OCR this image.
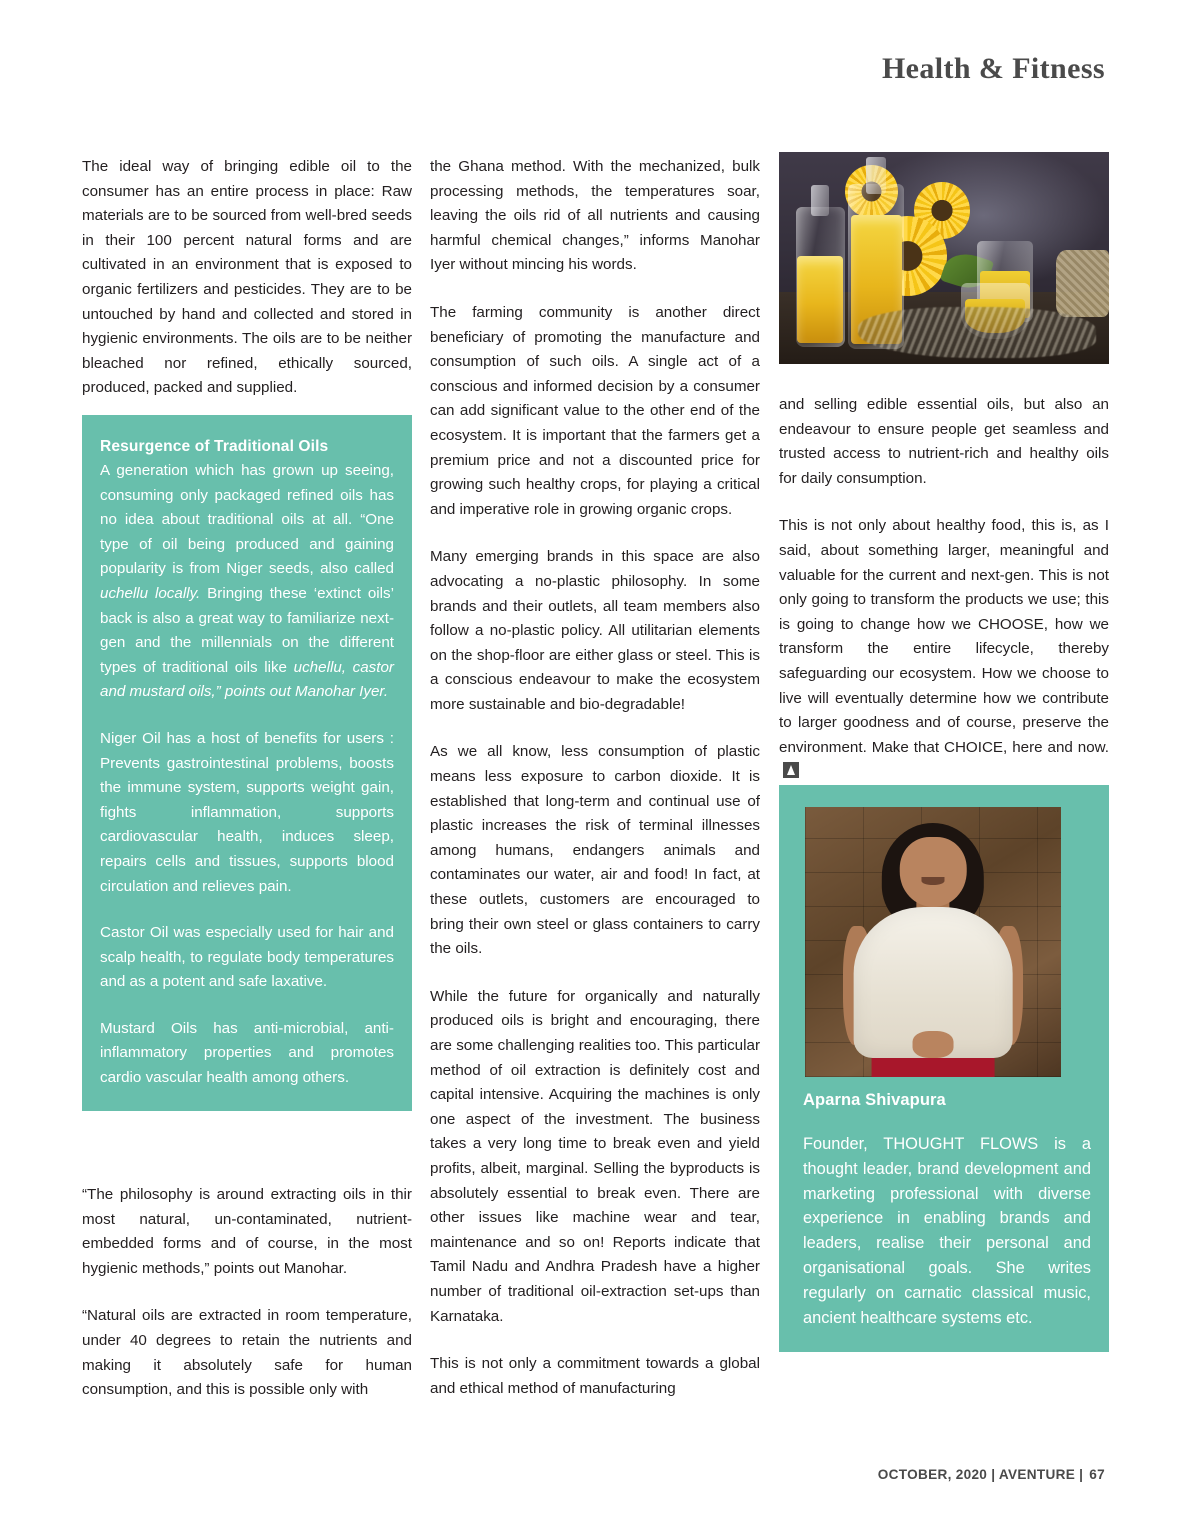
Health & Fitness

The ideal way of bringing edible oil to the consumer has an entire process in place: Raw materials are to be sourced from well-bred seeds in their 100 percent natural forms and are cultivated in an environment that is exposed to organic fertilizers and pesticides. They are to be untouched by hand and collected and stored in hygienic environments. The oils are to be neither bleached nor refined, ethically sourced, produced, packed and supplied.

Resurgence of Traditional Oils

A generation which has grown up seeing, consuming only packaged refined oils has no idea about traditional oils at all. “One type of oil being produced and gaining popularity is from Niger seeds, also called uchellu locally. Bringing these ‘extinct oils’ back is also a great way to familiarize next-gen and the millennials on the different types of traditional oils like uchellu, castor and mustard oils,” points out Manohar Iyer.

Niger Oil has a host of benefits for users : Prevents gastrointestinal problems, boosts the immune system, supports weight gain, fights inflammation, supports cardiovascular health, induces sleep, repairs cells and tissues, supports blood circulation and relieves pain.

Castor Oil was especially used for hair and scalp health, to regulate body temperatures and as a potent and safe laxative.

Mustard Oils has anti-microbial, anti-inflammatory properties and promotes cardio vascular health among others.

“The philosophy is around extracting oils in thir most natural, un-contaminated, nutrient-embedded forms and of course, in the most hygienic methods,” points out Manohar.

“Natural oils are extracted in room temperature, under 40 degrees to retain the nutrients and making it absolutely safe for human consumption, and this is possible only with

the Ghana method. With the mechanized, bulk processing methods, the temperatures soar, leaving the oils rid of all nutrients and causing harmful chemical changes,” informs Manohar Iyer without mincing his words.

The farming community is another direct beneficiary of promoting the manufacture and consumption of such oils. A single act of a conscious and informed decision by a consumer can add significant value to the other end of the ecosystem. It is important that the farmers get a premium price and not a discounted price for growing such healthy crops, for playing a critical and imperative role in growing organic crops.

Many emerging brands in this space are also advocating a no-plastic philosophy. In some brands and their outlets, all team members also follow a no-plastic policy. All utilitarian elements on the shop-floor are either glass or steel. This is a conscious endeavour to make the ecosystem more sustainable and bio-degradable!

As we all know, less consumption of plastic means less exposure to carbon dioxide. It is established that long-term and continual use of plastic increases the risk of terminal illnesses among humans, endangers animals and contaminates our water, air and food! In fact, at these outlets, customers are encouraged to bring their own steel or glass containers to carry the oils.

While the future for organically and naturally produced oils is bright and encouraging, there are some challenging realities too. This particular method of oil extraction is definitely cost and capital intensive. Acquiring the machines is only one aspect of the investment. The business takes a very long time to break even and yield profits, albeit, marginal. Selling the byproducts is absolutely essential to break even. There are other issues like machine wear and tear, maintenance and so on! Reports indicate that Tamil Nadu and Andhra Pradesh have a higher number of traditional oil-extraction set-ups than Karnataka.

This is not only a commitment towards a global and ethical method of manufacturing

and selling edible essential oils, but also an endeavour to ensure people get seamless and trusted access to nutrient-rich and healthy oils for daily consumption.

This is not only about healthy food, this is, as I said, about something larger, meaningful and valuable for the current and next-gen. This is not only going to transform the products we use; this is going to change how we CHOOSE, how we transform the entire lifecycle, thereby safeguarding our ecosystem. How we choose to live will eventually determine how we contribute to larger goodness and of course, preserve the environment. Make that CHOICE, here and now.

Aparna Shivapura
Founder, THOUGHT FLOWS is a thought leader, brand development and marketing professional with diverse experience in enabling brands and leaders, realise their personal and organisational goals. She writes regularly on carnatic classical music, ancient healthcare systems etc.
OCTOBER, 2020 | AVENTURE | 67
